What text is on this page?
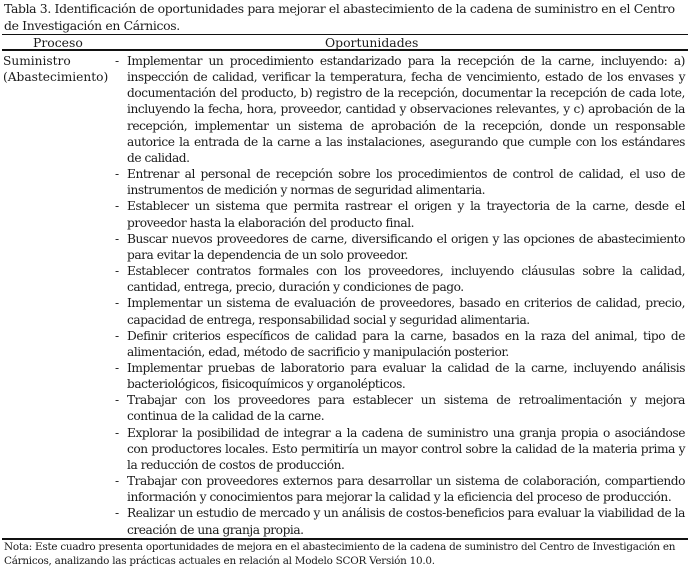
Tabla 3. Identificación de oportunidades para mejorar el abastecimiento de la cadena de suministro en el Centro de Investigación en Cárnicos.
Proceso	Oportunidades
Suministro (Abastecimiento)
- Implementar un procedimiento estandarizado para la recepción de la carne, incluyendo: a) inspección de calidad, verificar la temperatura, fecha de vencimiento, estado de los envases y documentación del producto, b) registro de la recepción, documentar la recepción de cada lote, incluyendo la fecha, hora, proveedor, cantidad y observaciones relevantes, y c) aprobación de la recepción, implementar un sistema de aprobación de la recepción, donde un responsable autorice la entrada de la carne a las instalaciones, asegurando que cumple con los estándares de calidad.
- Entrenar al personal de recepción sobre los procedimientos de control de calidad, el uso de instrumentos de medición y normas de seguridad alimentaria.
- Establecer un sistema que permita rastrear el origen y la trayectoria de la carne, desde el proveedor hasta la elaboración del producto final.
- Buscar nuevos proveedores de carne, diversificando el origen y las opciones de abastecimiento para evitar la dependencia de un solo proveedor.
- Establecer contratos formales con los proveedores, incluyendo cláusulas sobre la calidad, cantidad, entrega, precio, duración y condiciones de pago.
- Implementar un sistema de evaluación de proveedores, basado en criterios de calidad, precio, capacidad de entrega, responsabilidad social y seguridad alimentaria.
- Definir criterios específicos de calidad para la carne, basados en la raza del animal, tipo de alimentación, edad, método de sacrificio y manipulación posterior.
- Implementar pruebas de laboratorio para evaluar la calidad de la carne, incluyendo análisis bacteriológicos, fisicoquímicos y organolépticos.
- Trabajar con los proveedores para establecer un sistema de retroalimentación y mejora continua de la calidad de la carne.
- Explorar la posibilidad de integrar a la cadena de suministro una granja propia o asociándose con productores locales. Esto permitiría un mayor control sobre la calidad de la materia prima y la reducción de costos de producción.
- Trabajar con proveedores externos para desarrollar un sistema de colaboración, compartiendo información y conocimientos para mejorar la calidad y la eficiencia del proceso de producción.
- Realizar un estudio de mercado y un análisis de costos-beneficios para evaluar la viabilidad de la creación de una granja propia.
Nota: Este cuadro presenta oportunidades de mejora en el abastecimiento de la cadena de suministro del Centro de Investigación en Cárnicos, analizando las prácticas actuales en relación al Modelo SCOR Versión 10.0.
